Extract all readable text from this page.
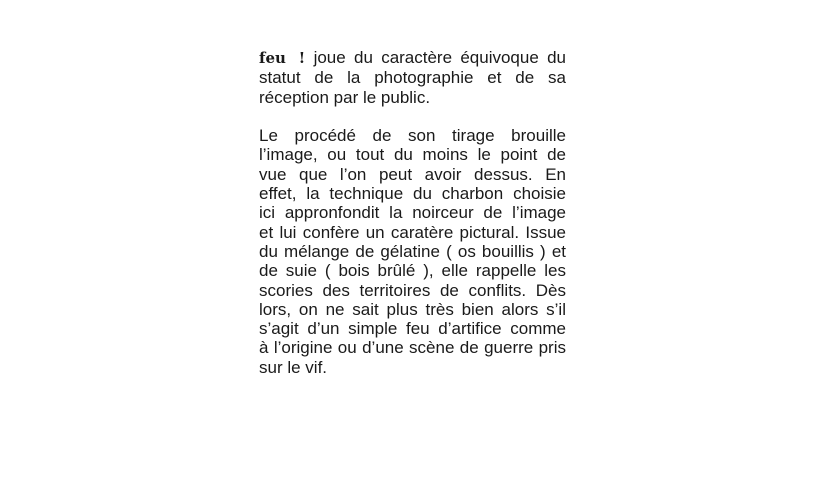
feu ! joue du caractère équivoque du
statut de la photographie et de sa
réception par le public.

Le procédé de son tirage brouille
l’image, ou tout du moins le point de
vue que l’on peut avoir dessus. En
effet, la technique du charbon choisie
ici appronfondit la noirceur de l’image
et lui confère un caratère pictural. Issue
du mélange de gélatine ( os bouillis ) et
de suie ( bois brûlé ), elle rappelle les
scories des territoires de conflits. Dès
lors, on ne sait plus très bien alors s’il
s’agit d’un simple feu d’artifice comme
à l’origine ou d’une scène de guerre pris
sur le vif.
